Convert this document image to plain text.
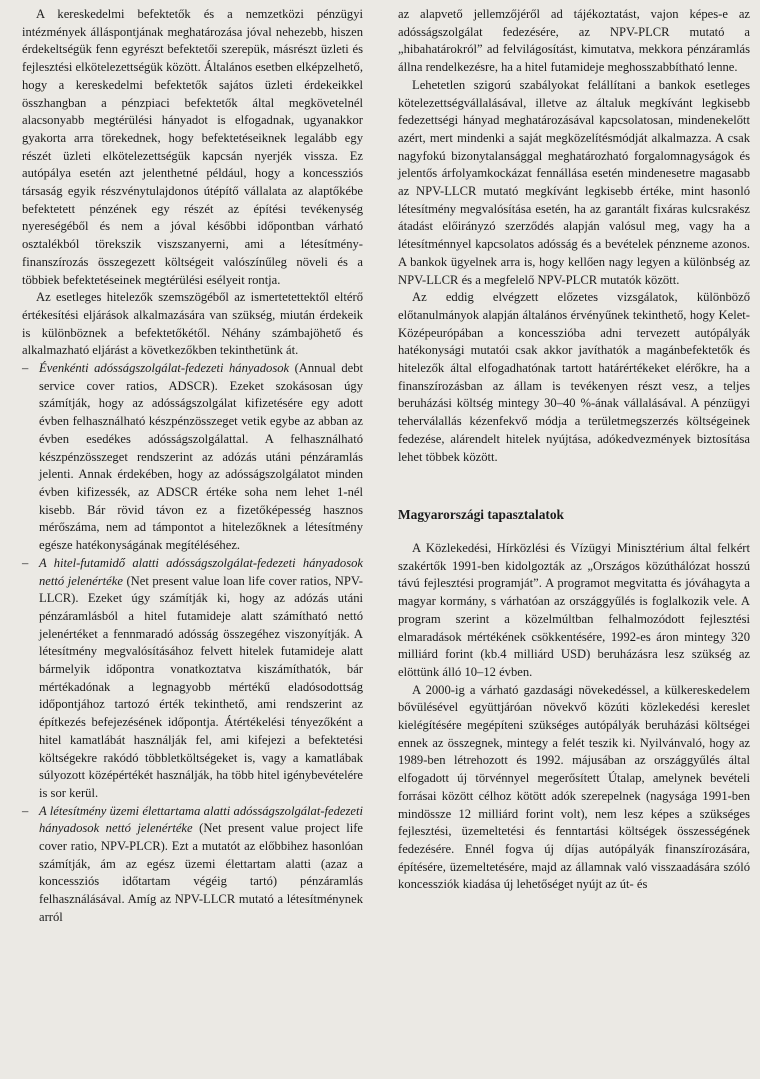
A kereskedelmi befektetők és a nemzetközi pénzügyi intézmények álláspontjának meghatározása jóval nehezebb, hiszen érdekeltségük fenn egyrészt befektetői szerepük, másrészt üzleti és fejlesztési elkötelezettségük között. Általános esetben elképzelhető, hogy a kereskedelmi befektetők sajátos üzleti érdekeikkel összhangban a pénzpiaci befektetők által megkövetelnél alacsonyabb megtérülési hányadot is elfogadnak, ugyanakkor gyakorta arra törekednek, hogy befektetéseiknek legalább egy részét üzleti elkötelezettségük kapcsán nyerjék vissza. Ez autópálya esetén azt jelenthetné például, hogy a koncessziós társaság egyik részvénytulajdonos útépítő vállalata az alaptőkébe befektetett pénzének egy részét az építési tevékenység nyereségéből és nem a jóval későbbi időpontban várható osztalékból törekszik viszszanyerni, ami a létesítmény-finanszírozás összegezett költségeit valószínűleg növeli és a többiek befektetéseinek megtérülési esélyeit rontja.

Az esetleges hitelezők szemszögéből az ismertetettektől eltérő értékesítési eljárások alkalmazására van szükség, miután érdekeik is különböznek a befektetőkétől. Néhány számbajöhető és alkalmazható eljárást a következőkben tekinthetünk át.

– Évenkénti adósságszolgálat-fedezeti hányadosok (Annual debt service cover ratios, ADSCR). Ezeket szokásosan úgy számítják, hogy az adósságszolgálat kifizetésére egy adott évben felhasználható készpénzösszeget vetik egybe az abban az évben esedékes adósságszolgálattal. A felhasználható készpénzösszeget rendszerint az adózás utáni pénzáramlás jelenti. Annak érdekében, hogy az adósságszolgálatot minden évben kifizessék, az ADSCR értéke soha nem lehet 1-nél kisebb. Bár rövid távon ez a fizetőképesség hasznos mérőszáma, nem ad támpontot a hitelezőknek a létesítmény egésze hatékonyságának megítéléséhez.
– A hitel-futamidő alatti adósságszolgálat-fedezeti hányadosok nettó jelenértéke (Net present value loan life cover ratios, NPV-LLCR). Ezeket úgy számítják ki, hogy az adózás utáni pénzáramlásból a hitel futamideje alatt számítható nettó jelenértéket a fennmaradó adósság összegéhez viszonyítják. A létesítmény megvalósításához felvett hitelek futamideje alatt bármelyik időpontra vonatkoztatva kiszámíthatók, bár mértékadónak a legnagyobb mértékű eladósodottság időpontjához tartozó érték tekinthető, ami rendszerint az építkezés befejezésének időpontja. Átértékelési tényezőként a hitel kamatlábát használják fel, ami kifejezi a befektetési költségekre rakódó többletköltségeket is, vagy a kamatlábak súlyozott középértékét használják, ha több hitel igénybevételére is sor kerül.
– A létesítmény üzemi élettartama alatti adósságszolgálat-fedezeti hányadosok nettó jelenértéke (Net present value project life cover ratio, NPV-PLCR). Ezt a mutatót az előbbihez hasonlóan számítják, ám az egész üzemi élettartam alatti (azaz a koncessziós időtartam végéig tartó) pénzáramlás felhasználásával. Amíg az NPV-LLCR mutató a létesítménynek arról

az alapvető jellemzőjéről ad tájékoztatást, vajon képes-e az adósságszolgálat fedezésére, az NPV-PLCR mutató a „hibahatárokról” ad felvilágosítást, kimutatva, mekkora pénzáramlás állna rendelkezésre, ha a hitel futamideje meghosszabbítható lenne.

Lehetetlen szigorú szabályokat felállítani a bankok esetleges kötelezettségvállalásával, illetve az általuk megkívánt legkisebb fedezettségi hányad meghatározásával kapcsolatosan, mindenekelőtt azért, mert mindenki a saját megközelítésmódját alkalmazza. A csak nagyfokú bizonytalansággal meghatározható forgalomnagyságok és jelentős árfolyamkockázat fennállása esetén mindenesetre magasabb az NPV-LLCR mutató megkívánt legkisebb értéke, mint hasonló létesítmény megvalósítása esetén, ha az garantált fixáras kulcsrakész átadást előirányzó szerződés alapján valósul meg, vagy ha a létesítménnyel kapcsolatos adósság és a bevételek pénzneme azonos. A bankok ügyelnek arra is, hogy kellően nagy legyen a különbség az NPV-LLCR és a megfelelő NPV-PLCR mutatók között.

Az eddig elvégzett előzetes vizsgálatok, különböző előtanulmányok alapján általános érvényűnek tekinthető, hogy Kelet-Középeurópában a koncesszióba adni tervezett autópályák hatékonysági mutatói csak akkor javíthatók a magánbefektetők és hitelezők által elfogadhatónak tartott határértékeket elérőkre, ha a finanszírozásban az állam is tevékenyen részt vesz, a teljes beruházási költség mintegy 30–40 %-ának vállalásával. A pénzügyi teherválallás kézenfekvő módja a területmegszerzés költségeinek fedezése, alárendelt hitelek nyújtása, adókedvezmények biztosítása lehet többek között.

Magyarországi tapasztalatok

A Közlekedési, Hírközlési és Vízügyi Minisztérium által felkért szakértők 1991-ben kidolgozták az „Országos közúthálózat hosszú távú fejlesztési programját”. A programot megvitatta és jóváhagyta a magyar kormány, s várhatóan az országgyűlés is foglalkozik vele. A program szerint a közelmúltban felhalmozódott fejlesztési elmaradások mértékének csökkentésére, 1992-es áron mintegy 320 milliárd forint (kb.4 milliárd USD) beruházásra lesz szükség az elöttünk álló 10–12 évben.

A 2000-ig a várható gazdasági növekedéssel, a külkereskedelem bővülésével együttjáróan növekvő közúti közlekedési kereslet kielégítésére megépíteni szükséges autópályák beruházási költségei ennek az összegnek, mintegy a felét teszik ki. Nyilvánvaló, hogy az 1989-ben létrehozott és 1992. májusában az országgyűlés által elfogadott új törvénnyel megerősített Útalap, amelynek bevételi forrásai között célhoz kötött adók szerepelnek (nagysága 1991-ben mindössze 12 milliárd forint volt), nem lesz képes a szükséges fejlesztési, üzemeltetési és fenntartási költségek összességének fedezésére. Ennél fogva új díjas autópályák finanszírozására, építésére, üzemeltetésére, majd az államnak való visszaadására szóló koncessziók kiadása új lehetőséget nyújt az út- és
